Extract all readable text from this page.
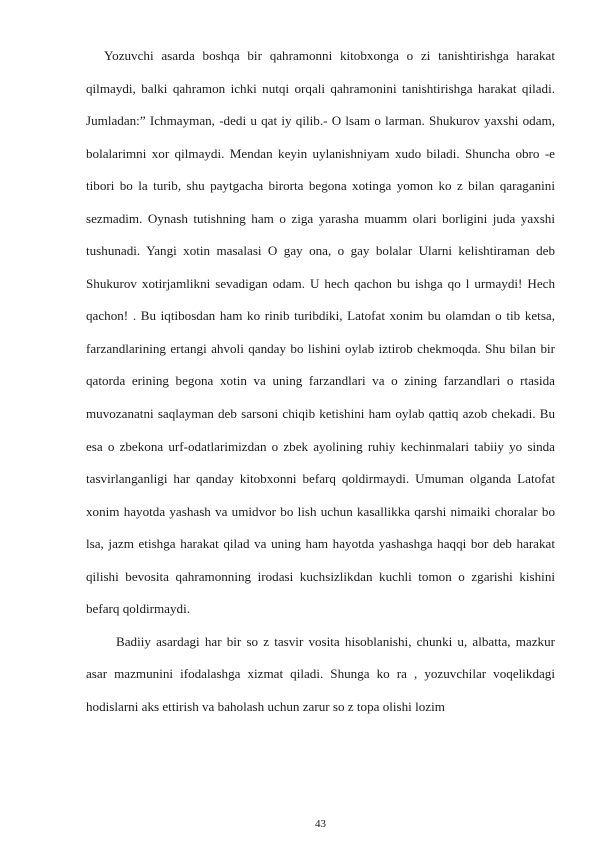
Yozuvchi asarda boshqa bir qahramonni kitobxonga o zi tanishtirishga harakat qilmaydi, balki qahramon ichki nutqi orqali qahramonini tanishtirishga harakat qiladi. Jumladan:” Ichmayman, -dedi u qat iy qilib.- O lsam o larman. Shukurov yaxshi odam, bolalarimni xor qilmaydi. Mendan keyin uylanishniyam xudo biladi. Shuncha obro -e tibori bo la turib, shu paytgacha birorta begona xotinga yomon ko z bilan qaraganini sezmadim. Oynash tutishning ham o ziga yarasha muamm olari borligini juda yaxshi tushunadi. Yangi xotin masalasi O gay ona, o gay bolalar Ularni kelishtiraman deb Shukurov xotirjamlikni sevadigan odam. U hech qachon bu ishga qo l urmaydi! Hech qachon! . Bu iqtibosdan ham ko rinib turibdiki, Latofat xonim bu olamdan o tib ketsa, farzandlarining ertangi ahvoli qanday bo lishini oylab iztirob chekmoqda. Shu bilan bir qatorda erining begona xotin va uning farzandlari va o zining farzandlari o rtasida muvozanatni saqlayman deb sarsoni chiqib ketishini ham oylab qattiq azob chekadi. Bu esa o zbekona urf-odatlarimizdan o zbek ayolining ruhiy kechinmalari tabiiy yo sinda tasvirlanganligi har qanday kitobxonni befarq qoldirmaydi. Umuman olganda Latofat xonim hayotda yashash va umidvor bo lish uchun kasallikka qarshi nimaiki choralar bo lsa, jazm etishga harakat qilad va uning ham hayotda yashashga haqqi bor deb harakat qilishi bevosita qahramonning irodasi kuchsizlikdan kuchli tomon o zgarishi kishini befarq qoldirmaydi.

Badiiy asardagi har bir so z tasvir vosita hisoblanishi, chunki u, albatta, mazkur asar mazmunini ifodalashga xizmat qiladi. Shunga ko ra , yozuvchilar voqelikdagi hodislarni aks ettirish va baholash uchun zarur so z topa olishi lozim

43
